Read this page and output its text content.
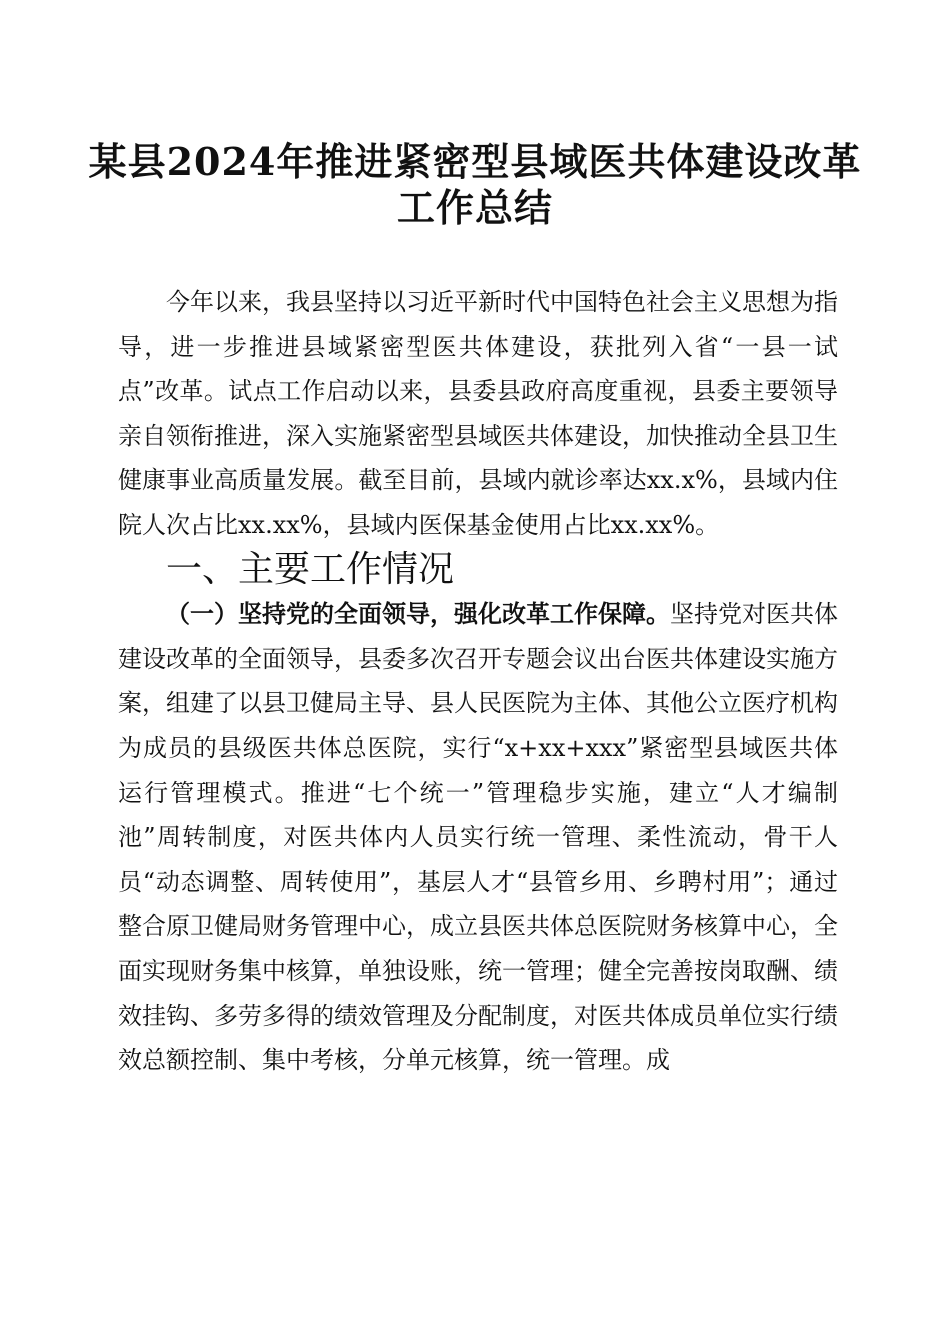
某县2024年推进紧密型县域医共体建设改革
工作总结

今年以来，我县坚持以习近平新时代中国特色社会主义思想为指导，进一步推进县域紧密型医共体建设，获批列入省“一县一试点”改革。试点工作启动以来，县委县政府高度重视，县委主要领导亲自领衔推进，深入实施紧密型县域医共体建设，加快推动全县卫生健康事业高质量发展。截至目前，县域内就诊率达xx.x%，县域内住院人次占比xx.xx%，县域内医保基金使用占比xx.xx%。

一、主要工作情况

（一）坚持党的全面领导，强化改革工作保障。坚持党对医共体建设改革的全面领导，县委多次召开专题会议出台医共体建设实施方案，组建了以县卫健局主导、县人民医院为主体、其他公立医疗机构为成员的县级医共体总医院，实行“x+xx+xxx”紧密型县域医共体运行管理模式。推进“七个统一”管理稳步实施，建立“人才编制池”周转制度，对医共体内人员实行统一管理、柔性流动，骨干人员“动态调整、周转使用”，基层人才“县管乡用、乡聘村用”；通过整合原卫健局财务管理中心，成立县医共体总医院财务核算中心，全面实现财务集中核算，单独设账，统一管理；健全完善按岗取酬、绩效挂钩、多劳多得的绩效管理及分配制度，对医共体成员单位实行绩效总额控制、集中考核，分单元核算，统一管理。成
